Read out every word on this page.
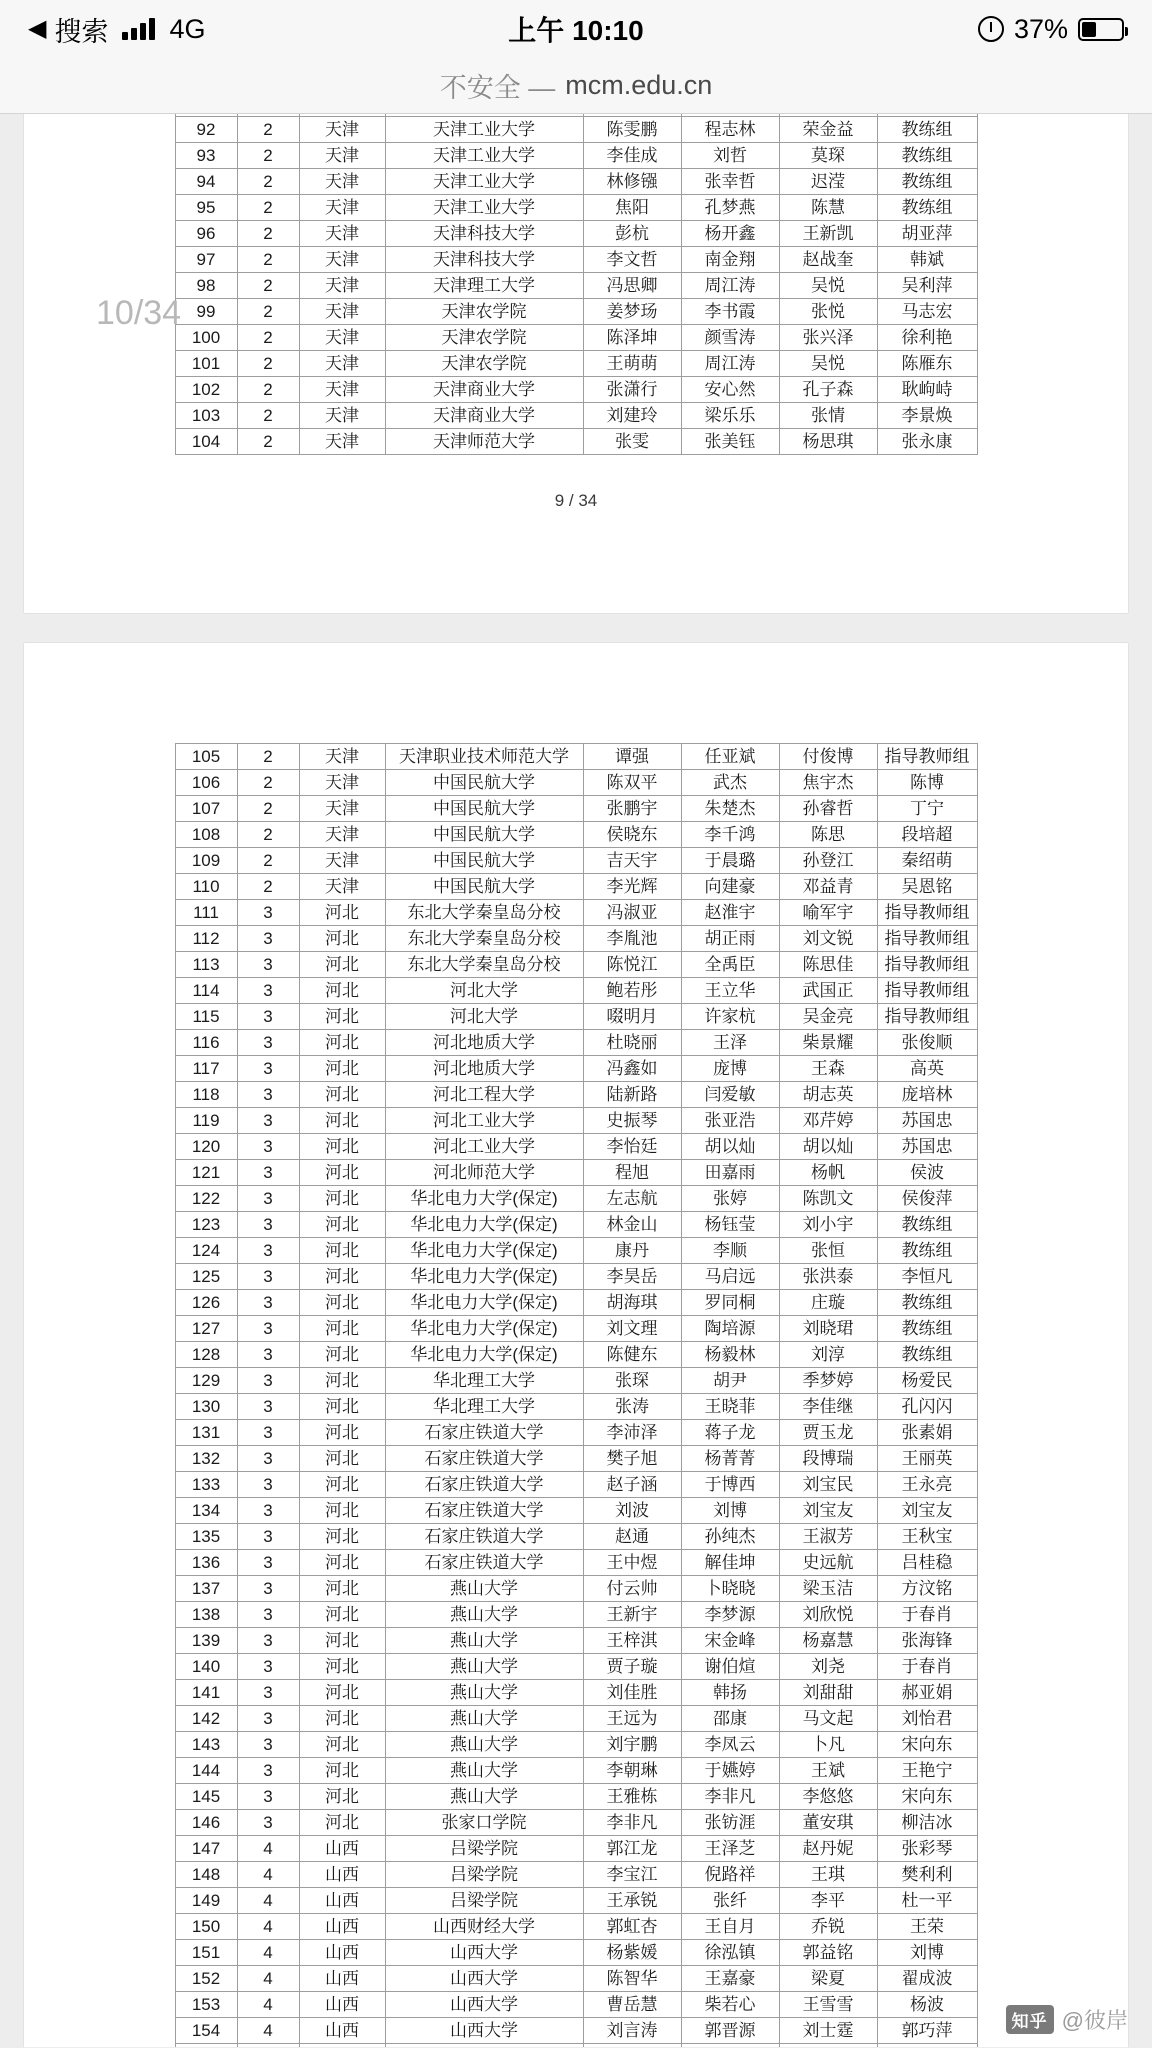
◀ 搜索 4G	上午 10:10	37%
不安全 — mcm.edu.cn
10/34

92	2	天津	天津工业大学	陈雯鹏	程志林	荣金益	教练组
93	2	天津	天津工业大学	李佳成	刘哲	莫琛	教练组
94	2	天津	天津工业大学	林修镪	张幸哲	迟滢	教练组
95	2	天津	天津工业大学	焦阳	孔梦燕	陈慧	教练组
96	2	天津	天津科技大学	彭杭	杨开鑫	王新凯	胡亚萍
97	2	天津	天津科技大学	李文哲	南金翔	赵战奎	韩斌
98	2	天津	天津理工大学	冯思卿	周江涛	吴悦	吴利萍
99	2	天津	天津农学院	姜梦玚	李书霞	张悦	马志宏
100	2	天津	天津农学院	陈泽坤	颜雪涛	张兴泽	徐利艳
101	2	天津	天津农学院	王萌萌	周江涛	吴悦	陈雁东
102	2	天津	天津商业大学	张潇行	安心然	孔子森	耿岣峙
103	2	天津	天津商业大学	刘建玲	梁乐乐	张情	李景焕
104	2	天津	天津师范大学	张雯	张美钰	杨思琪	张永康
9 / 34
105	2	天津	天津职业技术师范大学	谭强	任亚斌	付俊博	指导教师组
106	2	天津	中国民航大学	陈双平	武杰	焦宇杰	陈博
107	2	天津	中国民航大学	张鹏宇	朱楚杰	孙睿哲	丁宁
108	2	天津	中国民航大学	侯晓东	李千鸿	陈思	段培超
109	2	天津	中国民航大学	吉天宇	于晨璐	孙登江	秦绍萌
110	2	天津	中国民航大学	李光辉	向建豪	邓益青	吴恩铭
111	3	河北	东北大学秦皇岛分校	冯淑亚	赵淮宇	喻军宇	指导教师组
112	3	河北	东北大学秦皇岛分校	李胤池	胡正雨	刘文锐	指导教师组
113	3	河北	东北大学秦皇岛分校	陈悦江	全禹臣	陈思佳	指导教师组
114	3	河北	河北大学	鲍若彤	王立华	武国正	指导教师组
115	3	河北	河北大学	啜明月	许家杭	吴金亮	指导教师组
116	3	河北	河北地质大学	杜晓丽	王泽	柴景耀	张俊顺
117	3	河北	河北地质大学	冯鑫如	庞博	王森	高英
118	3	河北	河北工程大学	陆新路	闫爱敏	胡志英	庞培林
119	3	河北	河北工业大学	史振琴	张亚浩	邓芹婷	苏国忠
120	3	河北	河北工业大学	李怡廷	胡以灿	胡以灿	苏国忠
121	3	河北	河北师范大学	程旭	田嘉雨	杨帆	侯波
122	3	河北	华北电力大学(保定)	左志航	张婷	陈凯文	侯俊萍
123	3	河北	华北电力大学(保定)	林金山	杨钰莹	刘小宇	教练组
124	3	河北	华北电力大学(保定)	康丹	李顺	张恒	教练组
125	3	河北	华北电力大学(保定)	李昊岳	马启远	张洪泰	李恒凡
126	3	河北	华北电力大学(保定)	胡海琪	罗同桐	庄璇	教练组
127	3	河北	华北电力大学(保定)	刘文理	陶培源	刘晓珺	教练组
128	3	河北	华北电力大学(保定)	陈健东	杨毅林	刘淳	教练组
129	3	河北	华北理工大学	张琛	胡尹	季梦婷	杨爱民
130	3	河北	华北理工大学	张涛	王晓菲	李佳继	孔闪闪
131	3	河北	石家庄铁道大学	李沛泽	蒋子龙	贾玉龙	张素娟
132	3	河北	石家庄铁道大学	樊子旭	杨菁菁	段博瑞	王丽英
133	3	河北	石家庄铁道大学	赵子涵	于博西	刘宝民	王永亮
134	3	河北	石家庄铁道大学	刘波	刘博	刘宝友	刘宝友
135	3	河北	石家庄铁道大学	赵通	孙纯杰	王淑芳	王秋宝
136	3	河北	石家庄铁道大学	王中煜	解佳坤	史远航	吕桂稳
137	3	河北	燕山大学	付云帅	卜晓晓	梁玉洁	方汶铭
138	3	河北	燕山大学	王新宇	李梦源	刘欣悦	于春肖
139	3	河北	燕山大学	王梓淇	宋金峰	杨嘉慧	张海锋
140	3	河北	燕山大学	贾子璇	谢伯煊	刘尧	于春肖
141	3	河北	燕山大学	刘佳胜	韩扬	刘甜甜	郝亚娟
142	3	河北	燕山大学	王远为	邵康	马文起	刘怡君
143	3	河北	燕山大学	刘宇鹏	李凤云	卜凡	宋向东
144	3	河北	燕山大学	李朝琳	于嬿婷	王斌	王艳宁
145	3	河北	燕山大学	王雅栋	李非凡	李悠悠	宋向东
146	3	河北	张家口学院	李非凡	张钫涯	董安琪	柳洁冰
147	4	山西	吕梁学院	郭江龙	王泽芝	赵丹妮	张彩琴
148	4	山西	吕梁学院	李宝江	倪路祥	王琪	樊利利
149	4	山西	吕梁学院	王承锐	张纤	李平	杜一平
150	4	山西	山西财经大学	郭虹杏	王自月	乔锐	王荣
151	4	山西	山西大学	杨紫媛	徐泓镇	郭益铭	刘博
152	4	山西	山西大学	陈智华	王嘉豪	梁夏	翟成波
153	4	山西	山西大学	曹岳慧	柴若心	王雪雪	杨波
154	4	山西	山西大学	刘言涛	郭晋源	刘士霆	郭巧萍

								知乎 @彼岸
